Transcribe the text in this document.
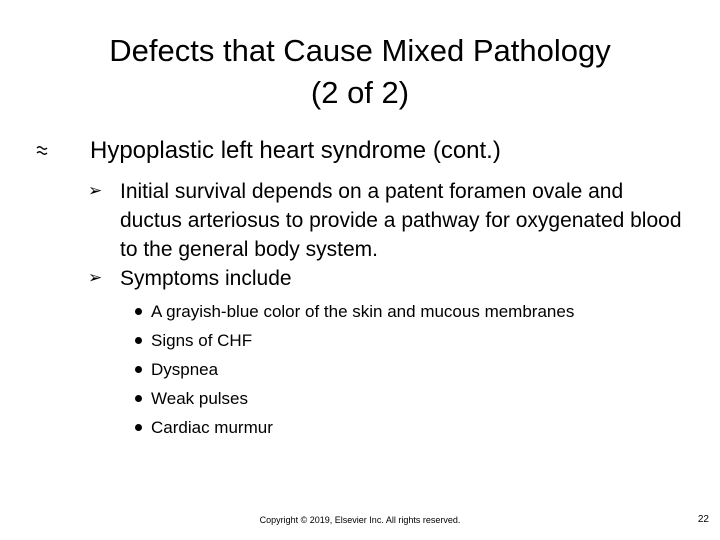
Defects that Cause Mixed Pathology
(2 of 2)
Hypoplastic left heart syndrome (cont.)
➢ Initial survival depends on a patent foramen ovale and ductus arteriosus to provide a pathway for oxygenated blood to the general body system.
➢ Symptoms include
A grayish-blue color of the skin and mucous membranes
Signs of CHF
Dyspnea
Weak pulses
Cardiac murmur
Copyright © 2019, Elsevier Inc. All rights reserved.	22
